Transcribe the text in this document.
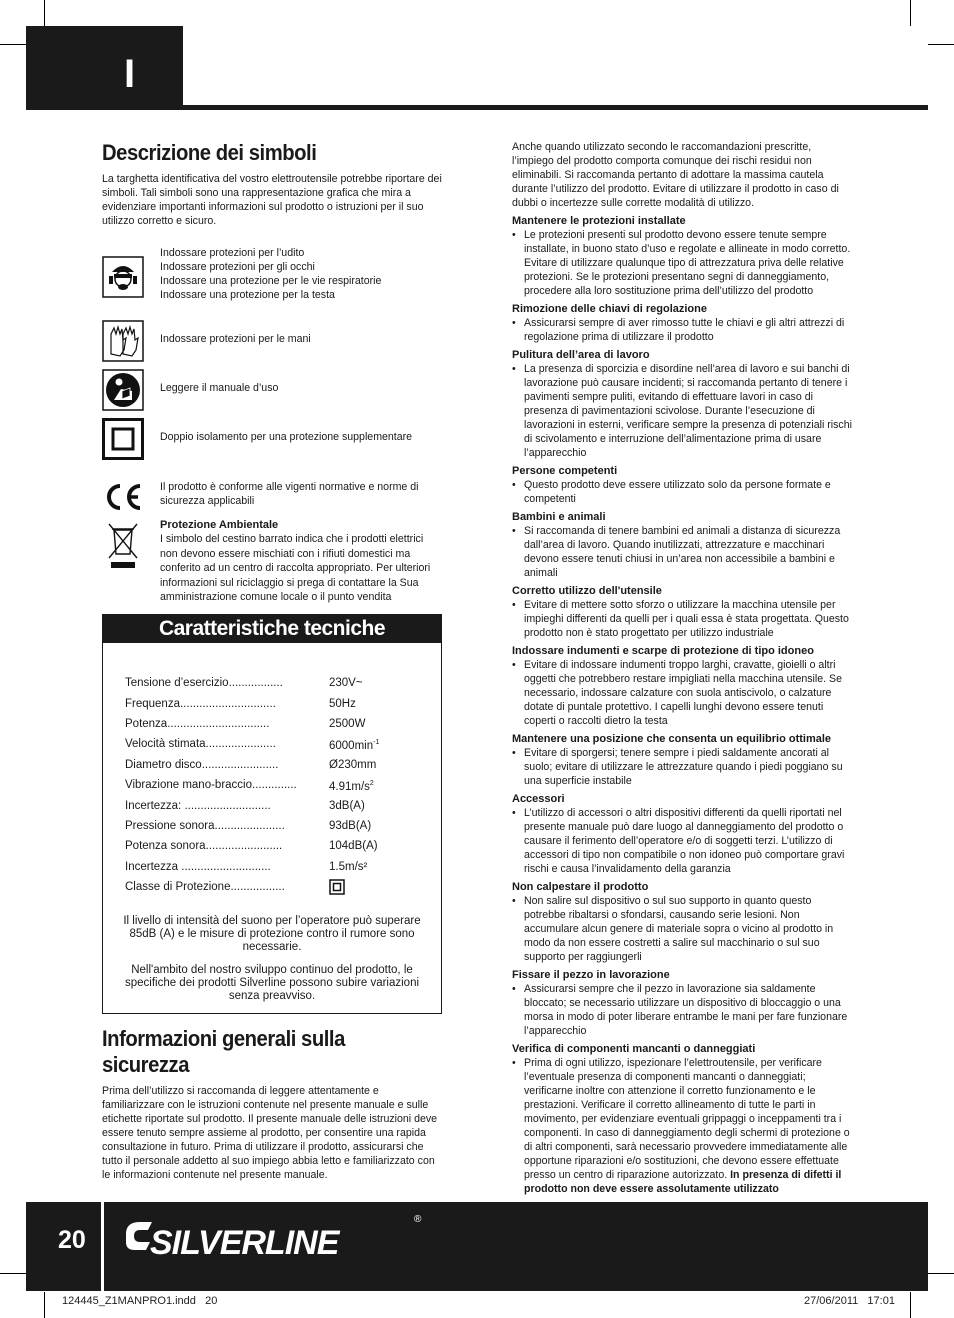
I
Descrizione dei simboli

La targhetta identificativa del vostro elettroutensile potrebbe riportare dei simboli. Tali simboli sono una rappresentazione grafica che mira a evidenziare importanti informazioni sul prodotto o istruzioni per il suo utilizzo corretto e sicuro.

Indossare protezioni per l’udito
Indossare protezioni per gli occhi
Indossare una protezione per le vie respiratorie
Indossare una protezione per la testa
Indossare protezioni per le mani
Leggere il manuale d’uso
Doppio isolamento per una protezione supplementare
Il prodotto è conforme alle vigenti normative e norme di sicurezza applicabili
Protezione Ambientale
I simbolo del cestino barrato indica che i prodotti elettrici non devono essere mischiati con i rifiuti domestici ma conferito ad un centro di raccolta appropriato. Per ulteriori informazioni sul riciclaggio si prega di contattare la Sua amministrazione comune locale o il punto vendita
Caratteristiche tecniche
Tensione d’esercizio.................	230V~
Frequenza..............................	50Hz
Potenza................................	2500W
Velocità stimata......................	$6000\min^{-1}$
Diametro disco........................	Ø230mm
Vibrazione mano-braccio..............	$4.91m/s^2$
Incertezza: ...........................	3dB(A)
Pressione sonora......................	93dB(A)
Potenza sonora........................	104dB(A)
Incertezza ............................	1.5m/s²
Classe di Protezione.................	
Il livello di intensità del suono per l’operatore può superare 85dB (A) e le misure di protezione contro il rumore sono necessarie.
Nell'ambito del nostro sviluppo continuo del prodotto, le specifiche dei prodotti Silverline possono subire variazioni senza preavviso.
Informazioni generali sulla sicurezza

Prima dell’utilizzo si raccomanda di leggere attentamente e familiarizzare con le istruzioni contenute nel presente manuale e sulle etichette riportate sul prodotto. Il presente manuale delle istruzioni deve essere tenuto sempre assieme al prodotto, per consentire una rapida consultazione in futuro. Prima di utilizzare il prodotto, assicurarsi che tutto il personale addetto al suo impiego abbia letto e familiarizzato con le informazioni contenute nel presente manuale.

Anche quando utilizzato secondo le raccomandazioni prescritte, l’impiego del prodotto comporta comunque dei rischi residui non eliminabili. Si raccomanda pertanto di adottare la massima cautela durante l’utilizzo del prodotto. Evitare di utilizzare il prodotto in caso di dubbi o incertezze sulle corrette modalità di utilizzo.

Mantenere le protezioni installate
• Le protezioni presenti sul prodotto devono essere tenute sempre installate, in buono stato d’uso e regolate e allineate in modo corretto. Evitare di utilizzare qualunque tipo di attrezzatura priva delle relative protezioni. Se le protezioni presentano segni di danneggiamento, procedere alla loro sostituzione prima dell’utilizzo del prodotto
Rimozione delle chiavi di regolazione
• Assicurarsi sempre di aver rimosso tutte le chiavi e gli altri attrezzi di regolazione prima di utilizzare il prodotto
Pulitura dell’area di lavoro
• La presenza di sporcizia e disordine nell’area di lavoro e sui banchi di lavorazione può causare incidenti; si raccomanda pertanto di tenere i pavimenti sempre puliti, evitando di effettuare lavori in caso di presenza di pavimentazioni scivolose. Durante l’esecuzione di lavorazioni in esterni, verificare sempre la presenza di potenziali rischi di scivolamento e interruzione dell’alimentazione prima di usare l’apparecchio
Persone competenti
• Questo prodotto deve essere utilizzato solo da persone formate e competenti
Bambini e animali
• Si raccomanda di tenere bambini ed animali a distanza di sicurezza dall’area di lavoro. Quando inutilizzati, attrezzature e macchinari devono essere tenuti chiusi in un’area non accessibile a bambini e animali
Corretto utilizzo dell'utensile
• Evitare di mettere sotto sforzo o utilizzare la macchina utensile per impieghi differenti da quelli per i quali essa è stata progettata. Questo prodotto non è stato progettato per utilizzo industriale
Indossare indumenti e scarpe di protezione di tipo idoneo
• Evitare di indossare indumenti troppo larghi, cravatte, gioielli o altri oggetti che potrebbero restare impigliati nella macchina utensile. Se necessario, indossare calzature con suola antiscivolo, o calzature dotate di puntale protettivo. I capelli lunghi devono essere tenuti coperti o raccolti dietro la testa
Mantenere una posizione che consenta un equilibrio ottimale
• Evitare di sporgersi; tenere sempre i piedi saldamente ancorati al suolo; evitare di utilizzare le attrezzature quando i piedi poggiano su una superficie instabile
Accessori
• L’utilizzo di accessori o altri dispositivi differenti da quelli riportati nel presente manuale può dare luogo al danneggiamento del prodotto o causare il ferimento dell’operatore e/o di soggetti terzi. L’utilizzo di accessori di tipo non compatibile o non idoneo può comportare gravi rischi e causa l’invalidamento della garanzia
Non calpestare il prodotto
• Non salire sul dispositivo o sul suo supporto in quanto questo potrebbe ribaltarsi o sfondarsi, causando serie lesioni. Non accumulare alcun genere di materiale sopra o vicino al prodotto in modo da non essere costretti a salire sul macchinario o sul suo supporto per raggiungerli
Fissare il pezzo in lavorazione
• Assicurarsi sempre che il pezzo in lavorazione sia saldamente bloccato; se necessario utilizzare un dispositivo di bloccaggio o una morsa in modo di poter liberare entrambe le mani per fare funzionare l’apparecchio
Verifica di componenti mancanti o danneggiati
• Prima di ogni utilizzo, ispezionare l’elettroutensile, per verificare l’eventuale presenza di componenti mancanti o danneggiati; verificarne inoltre con attenzione il corretto funzionamento e le prestazioni. Verificare il corretto allineamento di tutte le parti in movimento, per evidenziare eventuali grippaggi o inceppamenti tra i componenti. In caso di danneggiamento degli schermi di protezione o di altri componenti, sarà necessario provvedere immediatamente alle opportune riparazioni e/o sostituzioni, che devono essere effettuate presso un centro di riparazione autorizzato. In presenza di difetti il prodotto non deve essere assolutamente utilizzato
20 SILVERLINE
®
124445_Z1MANPRO1.indd   20	27/06/2011   17:01
